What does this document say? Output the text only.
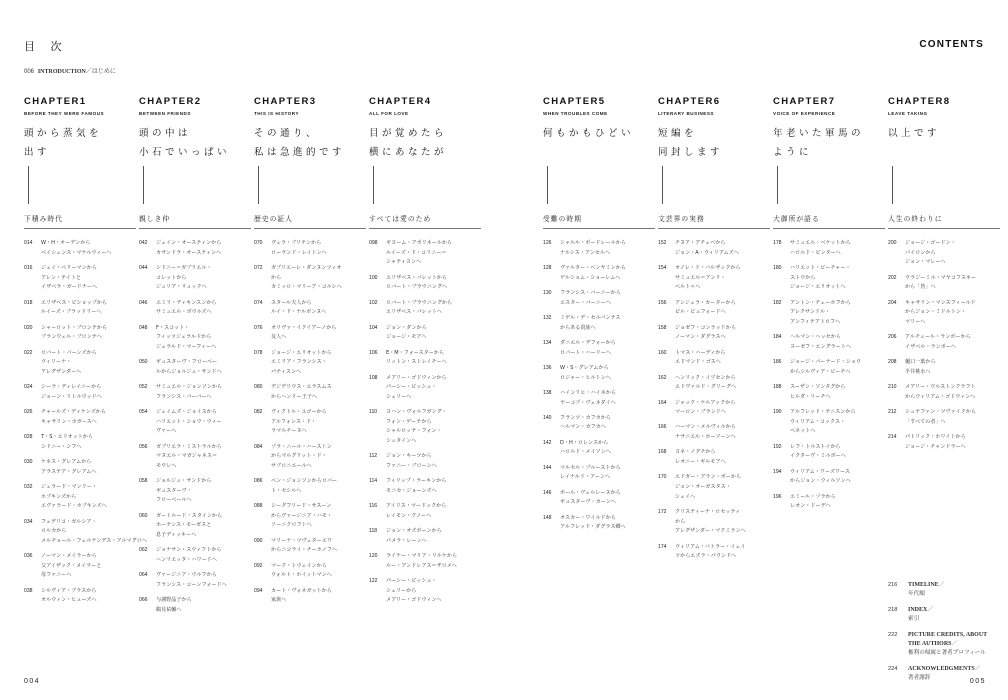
目 次	CONTENTS
006 INTRODUCTION／はじめに
CHAPTER1
BEFORE THEY WERE FAMOUS
頭から蒸気を
出す
下積み時代
014	W・H・オーデンから
ベイシェンス・マケルウィーへ
016	ジェイ・ペリーマンから
アレン・テイトと
イザベラ・ガードナーへ
018	エリザベス・ビショップから
ルイーズ・ブラッドリーへ
020	シャーロット・ブロンテから
ブランウェル・ブロンテへ
022	ロバート・バーンズから
ウィリーナ・
アレグザンダーへ
024	シーラ・ディレイニーから
ジョーン・リトルウッドへ
026	チャールズ・ディケンズから
キャサリン・ホガースへ
028	T・S・エリオットから
シドニー・シフへ
030	ケネス・グレアムから
アラステア・グレアムへ
032	ジェラード・マンリー・
ホプキンズから
エヴァラード・ホプキンズへ
034	フェデリコ・ガルシア・
ロルカから
メルチョール・フェルナンデス・アルマグロへ
036	ノーマン・メイラーから
父アイザック・メイラーと
母ファニーへ
038	シルヴィア・プラスから
オルウィン・ヒューズへ
CHAPTER2
BETWEEN FRIENDS
頭の中は
小石でいっぱい
親しき仲
042	ジェイン・オースティンから
カサンドラ・オースティンへ
044	シドニー＝ガブリエル・
コレットから
ジュリア・リュックへ
046	エミリ・ディキンスンから
サミュエル・ボウルズへ
048	F・スコット・
フィッツジェラルドから
ジェラルド・マーフィーへ
050	ギュスターヴ・フローベー
ルからジョルジュ・サンドへ
052	サミュエル・ジョンソンから
フランシス・バーバーへ
054	ジェイムズ・ジョイスから
ハリエット・ショウ・ウィー
ヴァーへ
056	ガブリエラ・ミストラルから
マヌエル・マガジャネス＝
モウレへ
058	ジョルジュ・サンドから
ギュスターヴ・
フローベールへ
060	ガートルード・スタインから
ホーテンス・モーゼスと
息子ディッキーへ
062	ジョナサン・スウィフトから
ヘンリエッタ・ハワードへ
064	ヴァージニア・ウルフから
フランシス・コーンフォードへ
066	与謝野晶子から
鶴見祐輔へ
CHAPTER3
THIS IS HISTORY
その通り、
私は急進的です
歴史の証人
070	ヴェラ・ブリテンから
ローランド・レイトンへ
072	ガブリエーレ・ダンヌンツィオ
から
カミッロ・マリーア・コルシへ
074	スタール夫人から
ルイ・ド・ナルボンヌへ
076	オリヴァ・イクイアーノから
友人へ
078	ジョージ・エリオットから
エミリア・フランシス・
パティスンへ
080	デジデリウス・エラスムス
からヘンリー王子へ
082	ヴィクトル・ユゴーから
アルフォンス・ド・
ラマルチーヌへ
084	ゾラ・ニール・ハーストン
からマルグリット・ド・
サブロニエールへ
086	ベン・ジョンソンからロバー
ト・セシルへ
088	シーグフリード・サスーン
からヴァージニア・ハモ・
ソーニクロフトへ
090	マリーナ・ツヴェターエワ
からニコライ・チーホノフへ
092	マーク・トウェインから
ウォルト・ホイットマンへ
094	カート・ヴォネガットから
家族へ
CHAPTER4
ALL FOR LOVE
目が覚めたら
横にあなたが
すべては愛のため
098	ギヨーム・アポリネールから
ルイーズ・ド・コリニー＝
シャティヨンへ
100	エリザベス・バレットから
ロバート・ブラウニングへ
102	ロバート・ブラウニングから
エリザベス・バレットへ
104	ジョン・ダンから
ジョージ・モアへ
106	E・M・フォースターから
リットン・ストレイチーへ
108	メアリー・ゴドウィンから
パーシー・ビッシュ・
シェリーへ
110	ヨハン・ヴォルフガング・
フォン・ゲーテから
シャルロッテ・フォン・
シュタインへ
112	ジョン・キーツから
ファニー・ブローンへ
114	フィリップ・ラーキンから
モニカ・ジョーンズへ
116	アイリス・マードックから
レイモン・クノーへ
118	ジョン・オズボーンから
パメラ・レーンへ
120	ライナー・マリア・リルケから
ルー・アンドレアス＝ザロメへ
122	パーシー・ビッシュ・
シェリーから
メアリー・ゴドウィンへ
CHAPTER5
WHEN TROUBLES COME
何もかもひどい
受難の時期
126	シャルル・ボードレールから
ナルシス・アンセルへ
128	ヴァルター・ベンヤミンから
ゲルショム・ショーレムへ
130	フランシス・バーニーから
エスター・バーニーへ
132	ミゲル・デ・セルバンテス
からある貴族へ
134	ダニエル・デフォーから
ロバート・ハーリーへ
136	W・S・グレアムから
ロジャー・ヒルトンへ
138	ハインリヒ・ハイネから
ヤーコプ・ヴェネダイへ
140	フランツ・カフカから
ヘルマン・カフカへ
142	D・H・ロレンスから
ハロルド・メイソンへ
144	マルセル・プルーストから
レイナルド・アーンへ
146	ポール・ヴェルレーヌから
ギュスターヴ・カーンへ
148	オスカー・ワイルドから
アルフレッド・ダグラス卿へ
CHAPTER6
LITERARY BUSINESS
短編を
同封します
文芸界の実務
152	チヌア・アチェベから
ジョン・A・ウィリアムズへ
154	オノレ・ド・バルザックから
サミュエル＝アンリ・
ベルトゥへ
156	アンジェラ・カーターから
ビル・ビュフォードへ
158	ジョゼフ・コンラッドから
ノーマン・ダグラスへ
160	トマス・ハーディから
エドマンド・ゴスへ
162	ヘンリック・イプセンから
エドヴァルド・グリーグへ
164	ジャック・ケルアックから
マーロン・ブランドへ
166	ハーマン・メルヴィルから
ナサニエル・ホーソーンへ
168	ヨネ・ノグチから
レオニー・ギルモアへ
170	エドガー・アラン・ポーから
ジョン・オーガスタス・
シェイへ
172	クリスティーナ・ロセッティ
から
アレグザンダー・マクミランへ
174	ウィリアム・バトラー・イェイ
ツからエズラ・パウンドへ
CHAPTER7
VOICE OF EXPERIENCE
年老いた軍馬の
ように
大御所が語る
178	サミュエル・ベケットから
ハロルド・ピンターへ
180	ハリエット・ビーチャー・
ストウから
ジョージ・エリオットへ
182	アントン・チェーホフから
アレクサンドル・
アンフィテアトロフへ
184	ヘルマン・ヘッセから
ヨーゼフ・エングラートへ
186	ジョージ・バーナード・ショウ
からシルヴィア・ビーチへ
188	スーザン・ソンタグから
ヒルダ・リーチへ
190	アルフレッド・テニスンから
ウィリアム・コックス・
ベネットへ
192	レフ・トルストイから
イクターヴ・ミルボーへ
194	ウィリアム・ワーズワース
からジョン・ウィルソンへ
196	エミール・ゾラから
レオン・ドーデへ
CHAPTER8
LEAVE TAKING
以上です
人生の終わりに
200	ジョージ・ゴードン・
バイロンから
ジョン・マレーへ
202	ウラジーミル・マヤコフスキー
から「皆」へ
204	キャサリン・マンスフィールド
からジョン・ミドルトン・
マリーへ
206	アルチュール・ランボーから
イザベル・ランボーへ
208	樋口一葉から
半井桃水へ
210	メアリー・ウルストンクラフト
からウィリアム・ゴドウィンへ
212	シュテファン・ツヴァイクから
「すべての者」へ
214	パトリック・ホワイトから
ジョージ・チャンドラーへ
216	TIMELINE／
年代順
218	INDEX／
索引
222	PICTURE CREDITS, ABOUT THE AUTHORS／
権利の帰属と著者プロフィール
224	ACKNOWLEDGMENTS／
著者謝辞
004	005
